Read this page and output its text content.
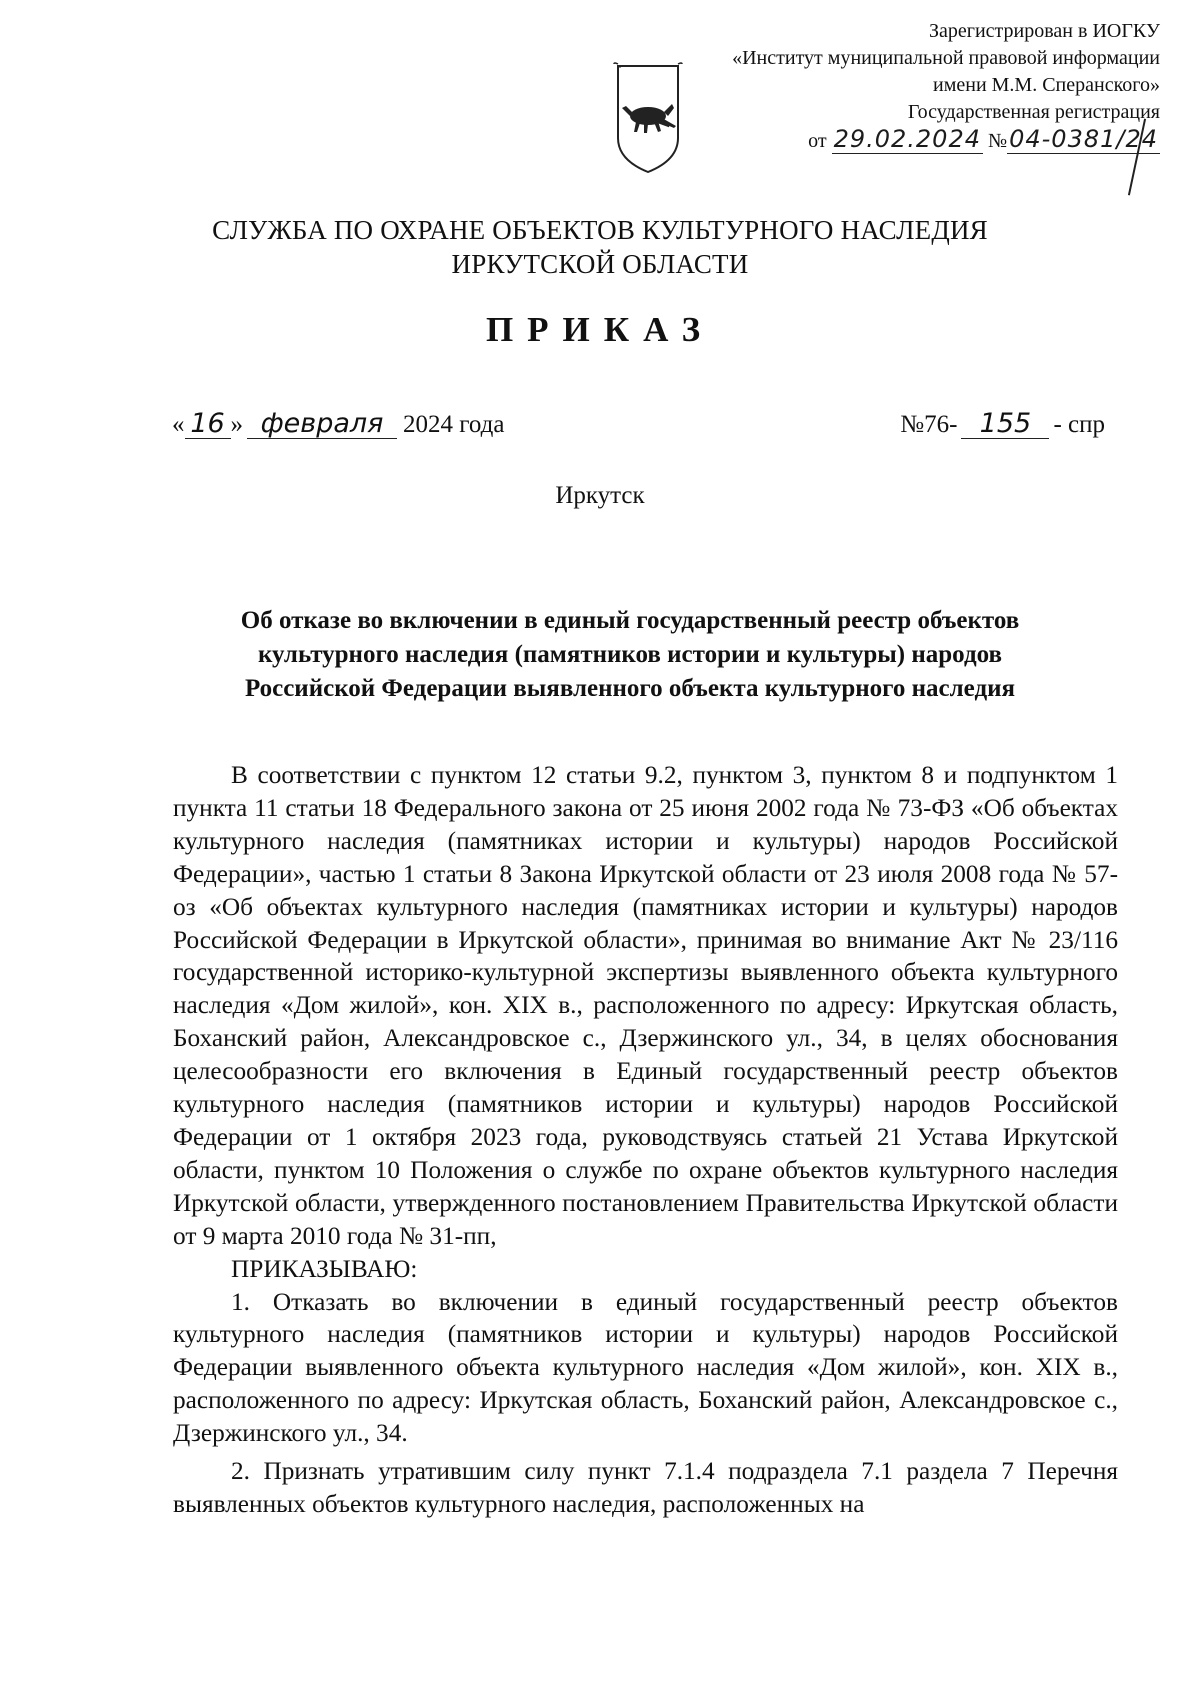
Зарегистрирован в ИОГКУ
«Институт муниципальной правовой информации
имени М.М. Сперанского»
Государственная регистрация
от 29.02.2024 №04-0381/24
СЛУЖБА ПО ОХРАНЕ ОБЪЕКТОВ КУЛЬТУРНОГО НАСЛЕДИЯ
ИРКУТСКОЙ ОБЛАСТИ
ПРИКАЗ
« 16 » февраля 2024 года	№76- 155 - спр
Иркутск
Об отказе во включении в единый государственный реестр объектов
культурного наследия (памятников истории и культуры) народов
Российской Федерации выявленного объекта культурного наследия

В соответствии с пунктом 12 статьи 9.2, пунктом 3, пунктом 8 и подпунктом 1 пункта 11 статьи 18 Федерального закона от 25 июня 2002 года № 73-ФЗ «Об объектах культурного наследия (памятниках истории и культуры) народов Российской Федерации», частью 1 статьи 8 Закона Иркутской области от 23 июля 2008 года № 57-оз «Об объектах культурного наследия (памятниках истории и культуры) народов Российской Федерации в Иркутской области», принимая во внимание Акт № 23/116 государственной историко-культурной экспертизы выявленного объекта культурного наследия «Дом жилой», кон. XIX в., расположенного по адресу: Иркутская область, Боханский район, Александровское с., Дзержинского ул., 34, в целях обоснования целесообразности его включения в Единый государственный реестр объектов культурного наследия (памятников истории и культуры) народов Российской Федерации от 1 октября 2023 года, руководствуясь статьей 21 Устава Иркутской области, пунктом 10 Положения о службе по охране объектов культурного наследия Иркутской области, утвержденного постановлением Правительства Иркутской области от 9 марта 2010 года № 31-пп,

ПРИКАЗЫВАЮ:

1. Отказать во включении в единый государственный реестр объектов культурного наследия (памятников истории и культуры) народов Российской Федерации выявленного объекта культурного наследия «Дом жилой», кон. XIX в., расположенного по адресу: Иркутская область, Боханский район, Александровское с., Дзержинского ул., 34.

2. Признать утратившим силу пункт 7.1.4 подраздела 7.1 раздела 7 Перечня выявленных объектов культурного наследия, расположенных на
